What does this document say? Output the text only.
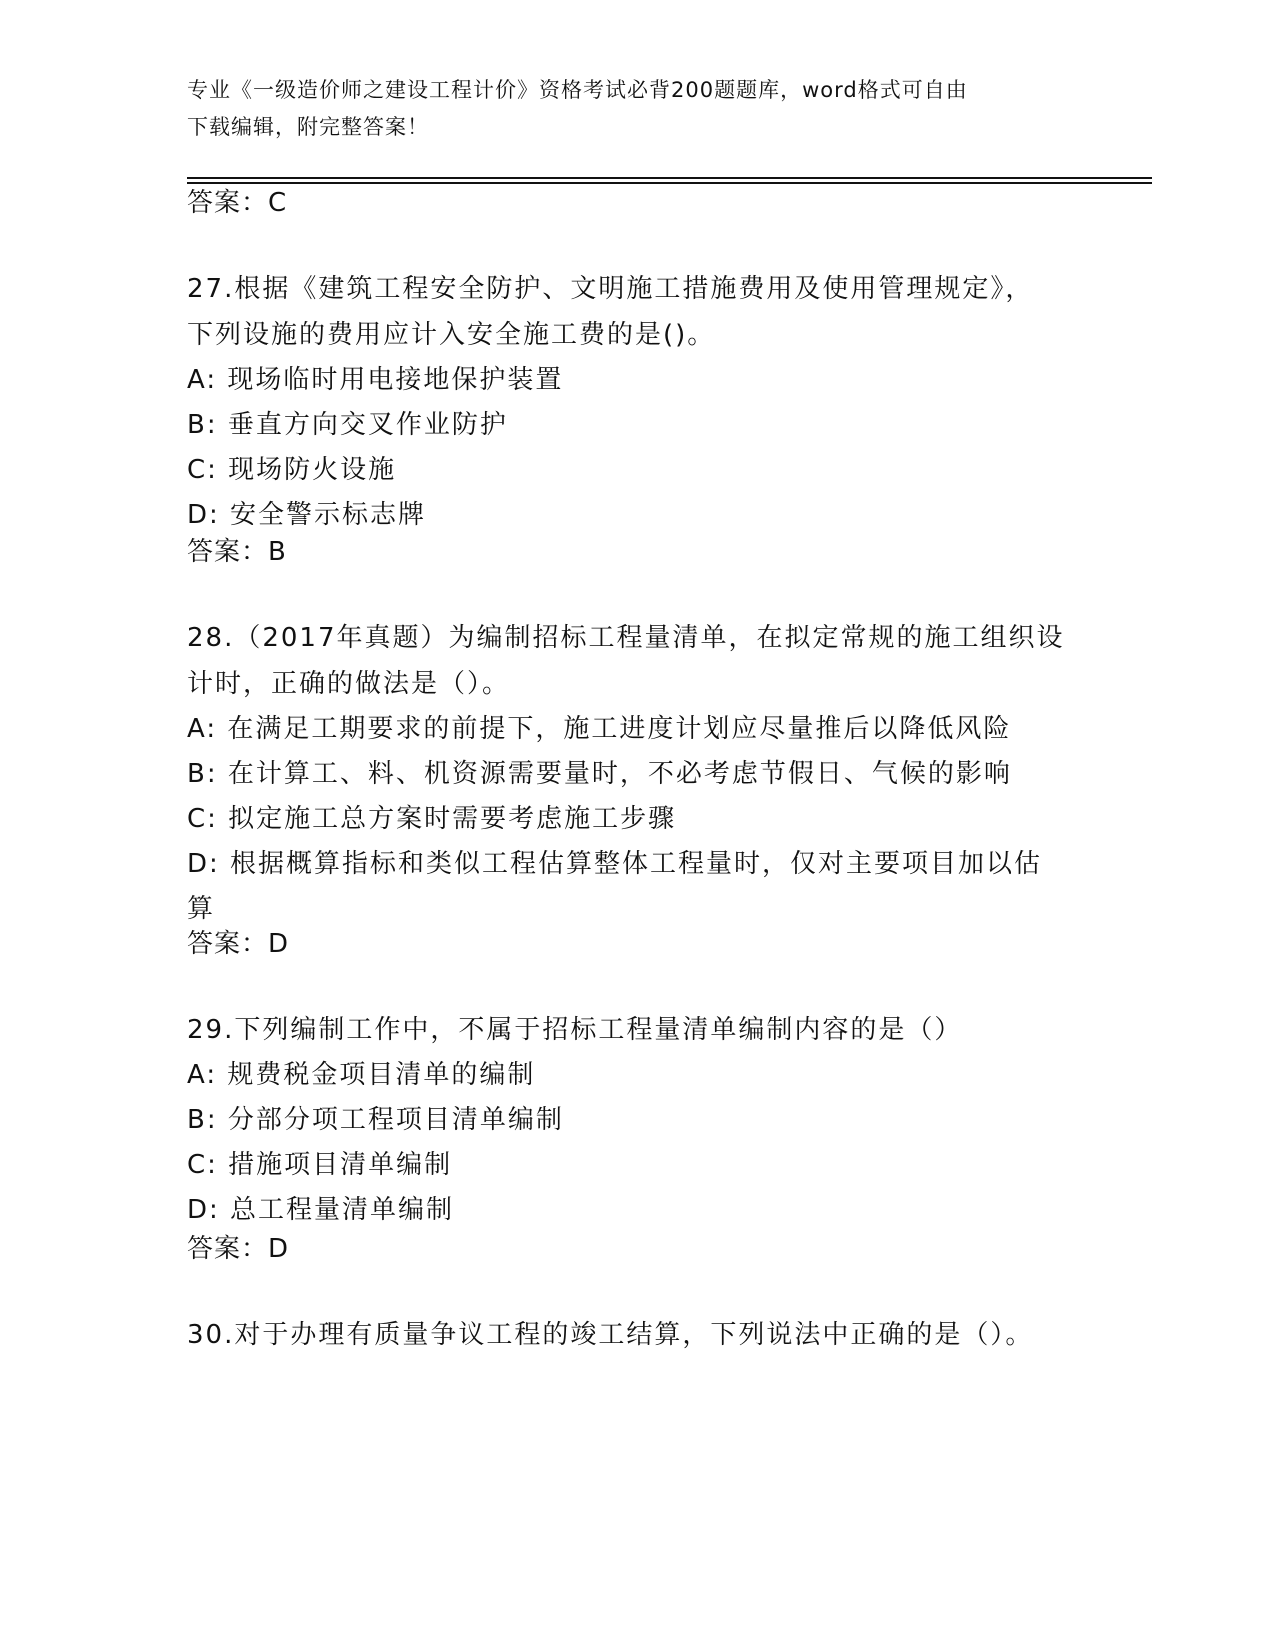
专业《一级造价师之建设工程计价》资格考试必背200题题库，word格式可自由
下载编辑，附完整答案！
答案：C
27.根据《建筑工程安全防护、文明施工措施费用及使用管理规定》，
下列设施的费用应计入安全施工费的是()。
A: 现场临时用电接地保护装置
B: 垂直方向交叉作业防护
C: 现场防火设施
D: 安全警示标志牌
答案：B
28.（2017年真题）为编制招标工程量清单，在拟定常规的施工组织设
计时，正确的做法是（）。
A: 在满足工期要求的前提下，施工进度计划应尽量推后以降低风险
B: 在计算工、料、机资源需要量时，不必考虑节假日、气候的影响
C: 拟定施工总方案时需要考虑施工步骤
D: 根据概算指标和类似工程估算整体工程量时，仅对主要项目加以估
算
答案：D
29.下列编制工作中，不属于招标工程量清单编制内容的是（）
A: 规费税金项目清单的编制
B: 分部分项工程项目清单编制
C: 措施项目清单编制
D: 总工程量清单编制
答案：D
30.对于办理有质量争议工程的竣工结算，下列说法中正确的是（）。
